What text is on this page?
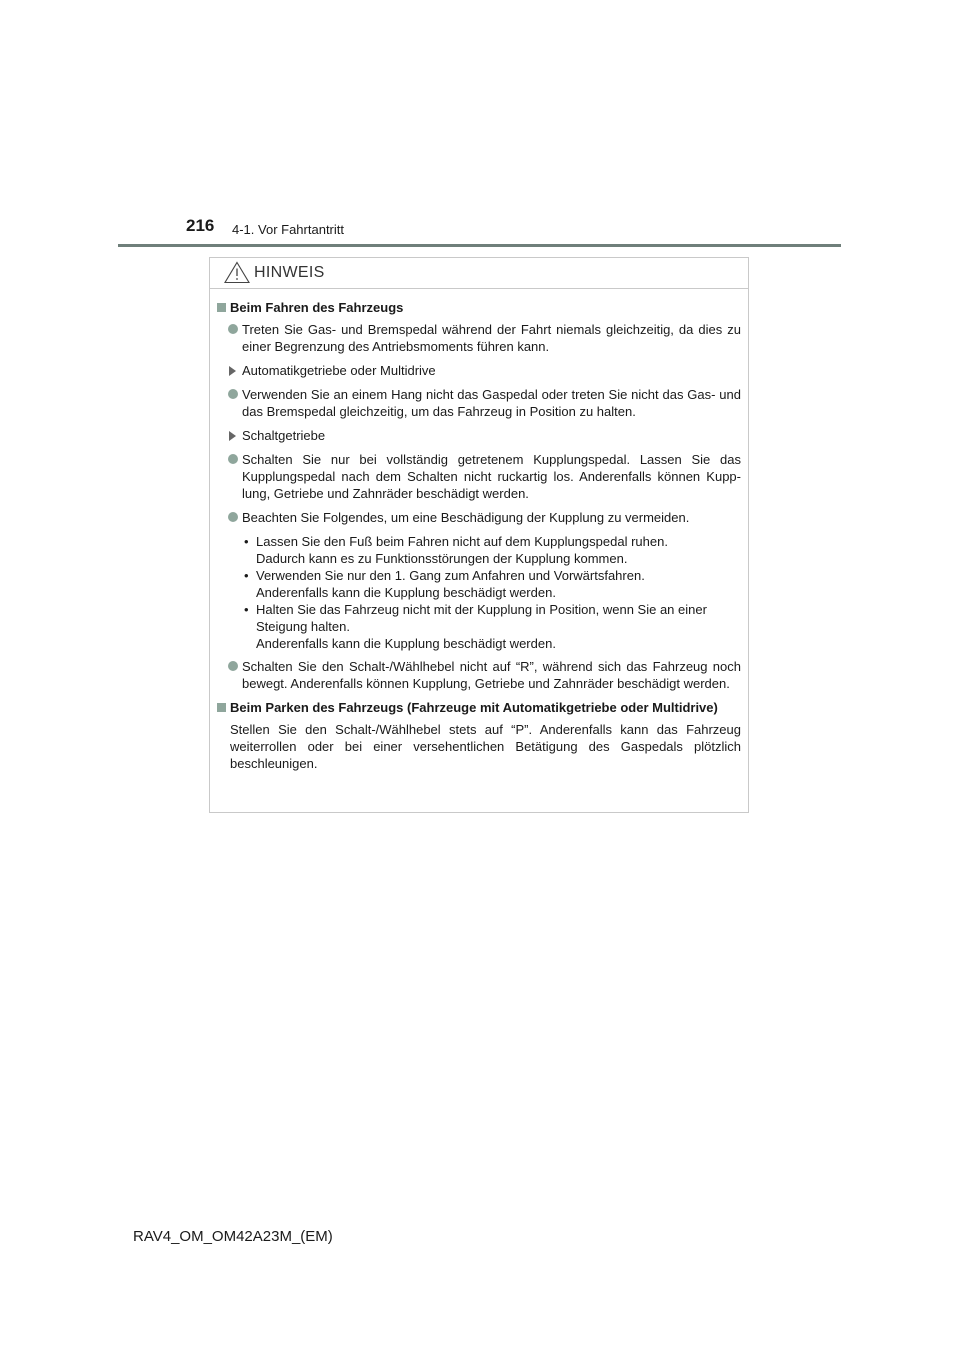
216 4-1. Vor Fahrtantritt
HINWEIS
Beim Fahren des Fahrzeugs
Treten Sie Gas- und Bremspedal während der Fahrt niemals gleichzeitig, da dies zu einer Begrenzung des Antriebsmoments führen kann.
Automatikgetriebe oder Multidrive
Verwenden Sie an einem Hang nicht das Gaspedal oder treten Sie nicht das Gas- und das Bremspedal gleichzeitig, um das Fahrzeug in Position zu halten.
Schaltgetriebe
Schalten Sie nur bei vollständig getretenem Kupplungspedal. Lassen Sie das Kupplungspedal nach dem Schalten nicht ruckartig los. Anderenfalls können Kupp-lung, Getriebe und Zahnräder beschädigt werden.
Beachten Sie Folgendes, um eine Beschädigung der Kupplung zu vermeiden.
• Lassen Sie den Fuß beim Fahren nicht auf dem Kupplungspedal ruhen.
Dadurch kann es zu Funktionsstörungen der Kupplung kommen.
• Verwenden Sie nur den 1. Gang zum Anfahren und Vorwärtsfahren.
Anderenfalls kann die Kupplung beschädigt werden.
• Halten Sie das Fahrzeug nicht mit der Kupplung in Position, wenn Sie an einer Steigung halten.
Anderenfalls kann die Kupplung beschädigt werden.
Schalten Sie den Schalt-/Wählhebel nicht auf “R”, während sich das Fahrzeug noch bewegt. Anderenfalls können Kupplung, Getriebe und Zahnräder beschädigt werden.
Beim Parken des Fahrzeugs (Fahrzeuge mit Automatikgetriebe oder Multidrive)
Stellen Sie den Schalt-/Wählhebel stets auf “P”. Anderenfalls kann das Fahrzeug weiterrollen oder bei einer versehentlichen Betätigung des Gaspedals plötzlich beschleunigen.
RAV4_OM_OM42A23M_(EM)
